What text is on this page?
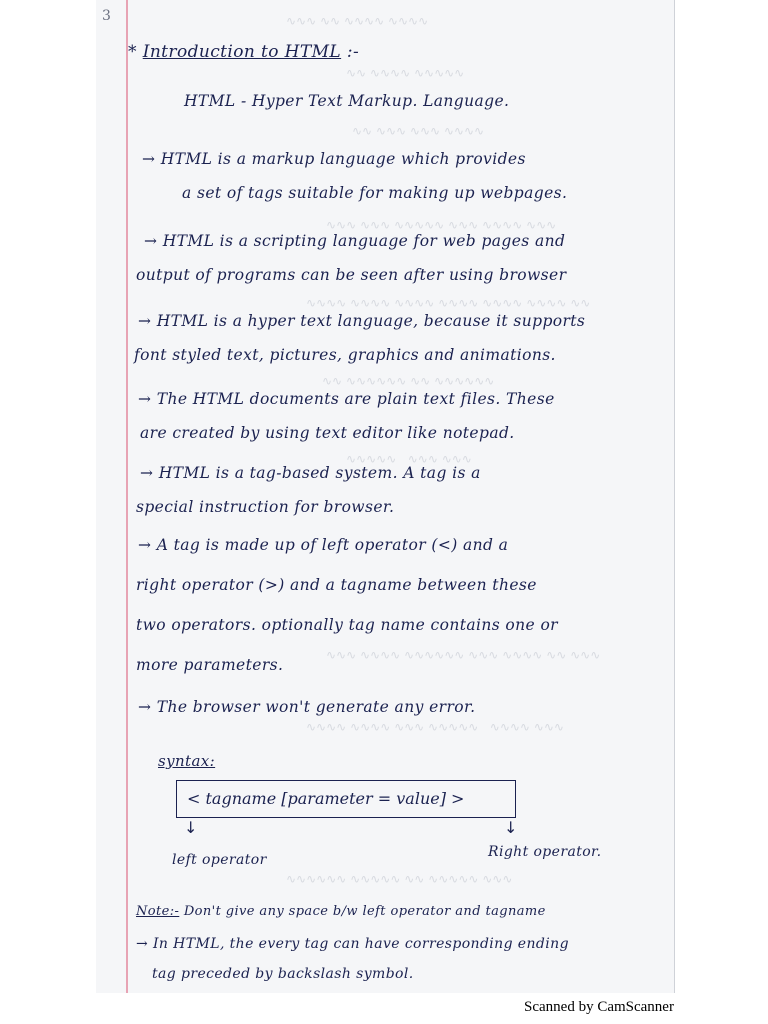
∿∿∿ ∿∿ ∿∿∿∿ ∿∿∿∿
∿∿ ∿∿∿∿ ∿∿∿∿∿
∿∿ ∿∿∿ ∿∿∿ ∿∿∿∿
∿∿∿ ∿∿∿ ∿∿∿∿∿ ∿∿∿ ∿∿∿∿ ∿∿∿
∿∿∿∿ ∿∿∿∿ ∿∿∿∿ ∿∿∿∿ ∿∿∿∿ ∿∿∿∿ ∿∿
∿∿ ∿∿∿∿∿∿ ∿∿ ∿∿∿∿∿∿
∿∿∿∿∿   ∿∿∿ ∿∿∿
∿∿∿ ∿∿∿∿ ∿∿∿∿∿∿ ∿∿∿ ∿∿∿∿ ∿∿ ∿∿∿
∿∿∿∿ ∿∿∿∿ ∿∿∿ ∿∿∿∿∿   ∿∿∿∿ ∿∿∿
∿∿∿∿∿∿ ∿∿∿∿∿ ∿∿ ∿∿∿∿∿ ∿∿∿
3
* Introduction to HTML :-
HTML - Hyper Text Markup. Language.
→ HTML is a markup language which provides
a set of tags suitable for making up webpages.
→ HTML is a scripting language for web pages and
output of programs can be seen after using browser
→ HTML is a hyper text language, because it supports
font styled text, pictures, graphics and animations.
→ The HTML documents are plain text files. These
are created by using text editor like notepad.
→ HTML is a tag-based system. A tag is a
special instruction for browser.
→ A tag is made up of left operator (<) and a
right operator (>) and a tagname between these
two operators. optionally tag name contains one or
more parameters.
→ The browser won't generate any error.
syntax:
< tagname [parameter = value] >
↓	↓
left operator	Right operator.
Note:- Don't give any space b/w left operator and tagname
→ In HTML, the every tag can have corresponding ending
tag preceded by backslash symbol.
Scanned by CamScanner
